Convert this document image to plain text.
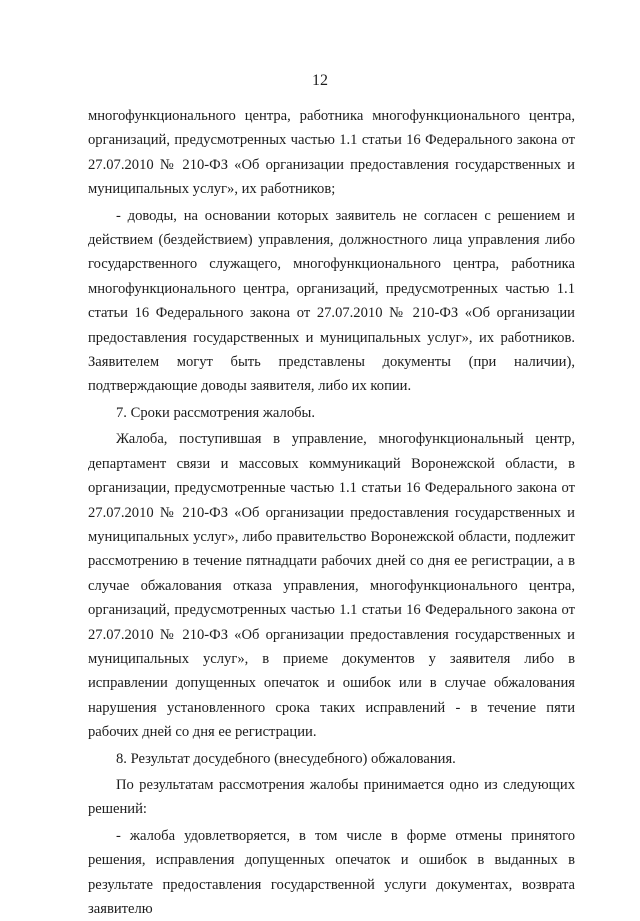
12

многофункционального центра, работника многофункционального центра, организаций, предусмотренных частью 1.1 статьи 16 Федерального закона от 27.07.2010 № 210-ФЗ «Об организации предоставления государственных и муниципальных услуг», их работников;

- доводы, на основании которых заявитель не согласен с решением и действием (бездействием) управления, должностного лица управления либо государственного служащего, многофункционального центра, работника многофункционального центра, организаций, предусмотренных частью 1.1 статьи 16 Федерального закона от 27.07.2010 № 210-ФЗ «Об организации предоставления государственных и муниципальных услуг», их работников. Заявителем могут быть представлены документы (при наличии), подтверждающие доводы заявителя, либо их копии.

7. Сроки рассмотрения жалобы.

Жалоба, поступившая в управление, многофункциональный центр, департамент связи и массовых коммуникаций Воронежской области, в организации, предусмотренные частью 1.1 статьи 16 Федерального закона от 27.07.2010 № 210-ФЗ «Об организации предоставления государственных и муниципальных услуг», либо правительство Воронежской области, подлежит рассмотрению в течение пятнадцати рабочих дней со дня ее регистрации, а в случае обжалования отказа управления, многофункционального центра, организаций, предусмотренных частью 1.1 статьи 16 Федерального закона от 27.07.2010 № 210-ФЗ «Об организации предоставления государственных и муниципальных услуг», в приеме документов у заявителя либо в исправлении допущенных опечаток и ошибок или в случае обжалования нарушения установленного срока таких исправлений - в течение пяти рабочих дней со дня ее регистрации.

8. Результат досудебного (внесудебного) обжалования.

По результатам рассмотрения жалобы принимается одно из следующих решений:

- жалоба удовлетворяется, в том числе в форме отмены принятого решения, исправления допущенных опечаток и ошибок в выданных в результате предоставления государственной услуги документах, возврата заявителю
